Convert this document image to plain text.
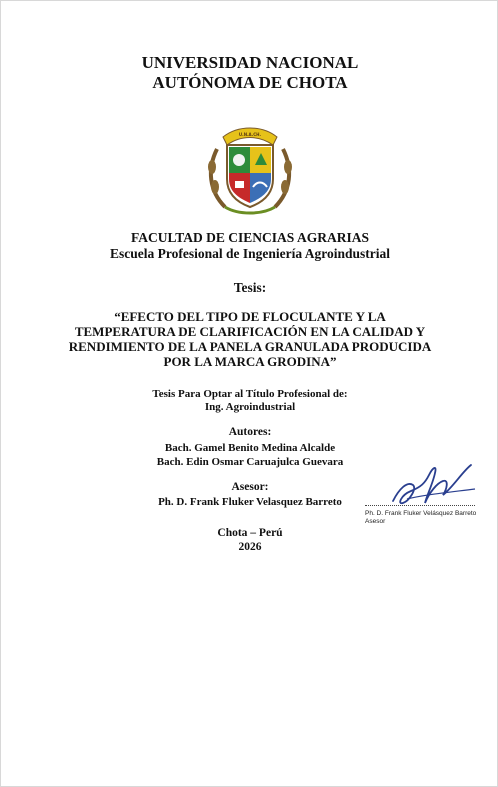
UNIVERSIDAD NACIONAL
AUTÓNOMA DE CHOTA
U.N.A.CH.
FACULTAD DE CIENCIAS AGRARIAS
Escuela Profesional de Ingeniería Agroindustrial
Tesis:
“EFECTO DEL TIPO DE FLOCULANTE Y LA
TEMPERATURA DE CLARIFICACIÓN EN LA CALIDAD Y
RENDIMIENTO DE LA PANELA GRANULADA PRODUCIDA
POR LA MARCA GRODINA”
Tesis Para Optar al Título Profesional de:
Ing. Agroindustrial
Autores:
Bach. Gamel Benito Medina Alcalde
Bach. Edin Osmar Caruajulca Guevara
Asesor:
Ph. D. Frank Fluker Velasquez Barreto
Ph. D. Frank Fluker Velásquez Barreto
Asesor
Chota – Perú
2026
